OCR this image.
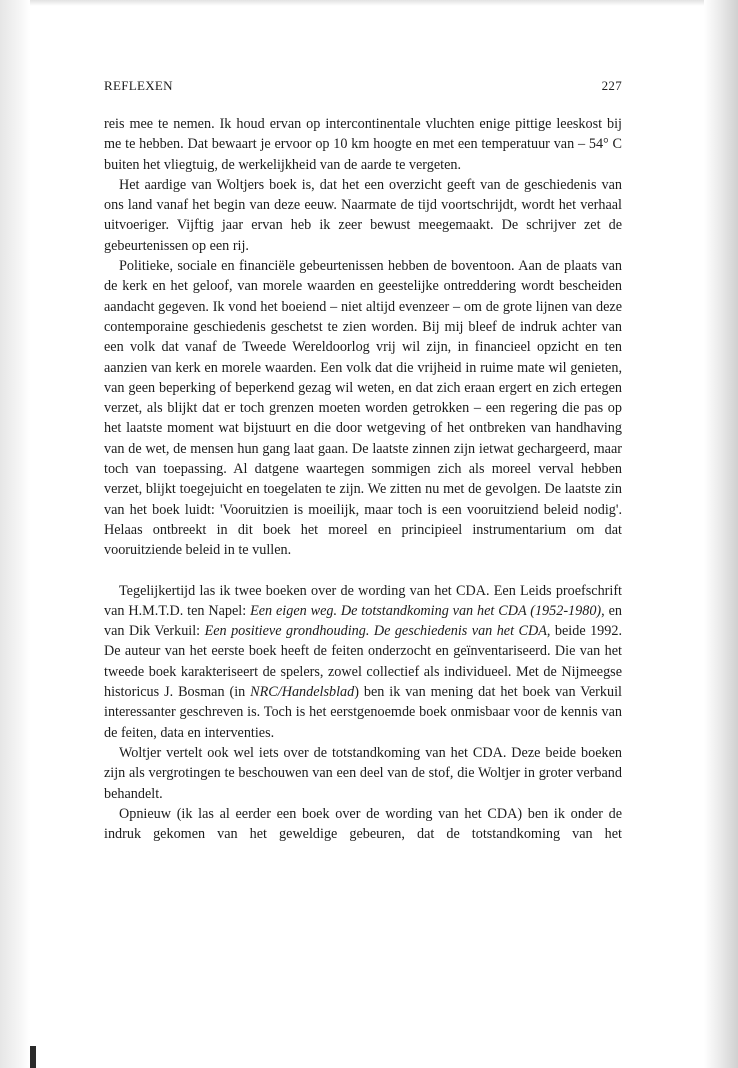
REFLEXEN	227

reis mee te nemen. Ik houd ervan op intercontinentale vluchten enige pittige leeskost bij me te hebben. Dat bewaart je ervoor op 10 km hoogte en met een temperatuur van – 54° C buiten het vliegtuig, de werkelijkheid van de aarde te vergeten.

Het aardige van Woltjers boek is, dat het een overzicht geeft van de geschiedenis van ons land vanaf het begin van deze eeuw. Naarmate de tijd voortschrijdt, wordt het verhaal uitvoeriger. Vijftig jaar ervan heb ik zeer bewust meegemaakt. De schrijver zet de gebeurtenissen op een rij.

Politieke, sociale en financiële gebeurtenissen hebben de boventoon. Aan de plaats van de kerk en het geloof, van morele waarden en geestelijke ontreddering wordt bescheiden aandacht gegeven. Ik vond het boeiend – niet altijd evenzeer – om de grote lijnen van deze contemporaine geschiedenis geschetst te zien worden. Bij mij bleef de indruk achter van een volk dat vanaf de Tweede Wereldoorlog vrij wil zijn, in financieel opzicht en ten aanzien van kerk en morele waarden. Een volk dat die vrijheid in ruime mate wil genieten, van geen beperking of beperkend gezag wil weten, en dat zich eraan ergert en zich ertegen verzet, als blijkt dat er toch grenzen moeten worden getrokken – een regering die pas op het laatste moment wat bijstuurt en die door wetgeving of het ontbreken van handhaving van de wet, de mensen hun gang laat gaan. De laatste zinnen zijn ietwat gechargeerd, maar toch van toepassing. Al datgene waartegen sommigen zich als moreel verval hebben verzet, blijkt toegejuicht en toegelaten te zijn. We zitten nu met de gevolgen. De laatste zin van het boek luidt: 'Vooruitzien is moeilijk, maar toch is een vooruitziend beleid nodig'. Helaas ontbreekt in dit boek het moreel en principieel instrumentarium om dat vooruitziende beleid in te vullen.

Tegelijkertijd las ik twee boeken over de wording van het CDA. Een Leids proefschrift van H.M.T.D. ten Napel: Een eigen weg. De totstandkoming van het CDA (1952-1980), en van Dik Verkuil: Een positieve grondhouding. De geschiedenis van het CDA, beide 1992. De auteur van het eerste boek heeft de feiten onderzocht en geïnventariseerd. Die van het tweede boek karakteriseert de spelers, zowel collectief als individueel. Met de Nijmeegse historicus J. Bosman (in NRC/Handelsblad) ben ik van mening dat het boek van Verkuil interessanter geschreven is. Toch is het eerstgenoemde boek onmisbaar voor de kennis van de feiten, data en interventies.

Woltjer vertelt ook wel iets over de totstandkoming van het CDA. Deze beide boeken zijn als vergrotingen te beschouwen van een deel van de stof, die Woltjer in groter verband behandelt.

Opnieuw (ik las al eerder een boek over de wording van het CDA) ben ik onder de indruk gekomen van het geweldige gebeuren, dat de totstandkoming van het
